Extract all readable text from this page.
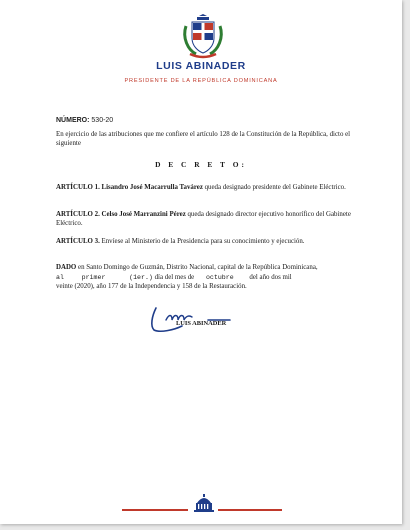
LUIS ABINADER
PRESIDENTE DE LA REPÚBLICA DOMINICANA
NÚMERO: 530-20
En ejercicio de las atribuciones que me confiere el artículo 128 de la Constitución de la República, dicto el siguiente
D E C R E T O:
ARTÍCULO 1. Lisandro José Macarrulla Tavárez queda designado presidente del Gabinete Eléctrico.
ARTÍCULO 2. Celso José Marranzini Pérez queda designado director ejecutivo honorífico del Gabinete Eléctrico.
ARTÍCULO 3. Envíese al Ministerio de la Presidencia para su conocimiento y ejecución.
DADO en Santo Domingo de Guzmán, Distrito Nacional, capital de la República Dominicana,
al	primer	(1er.) día del mes de octubre del año dos mil
veinte (2020), año 177 de la Independencia y 158 de la Restauración.
LUIS ABINADER
